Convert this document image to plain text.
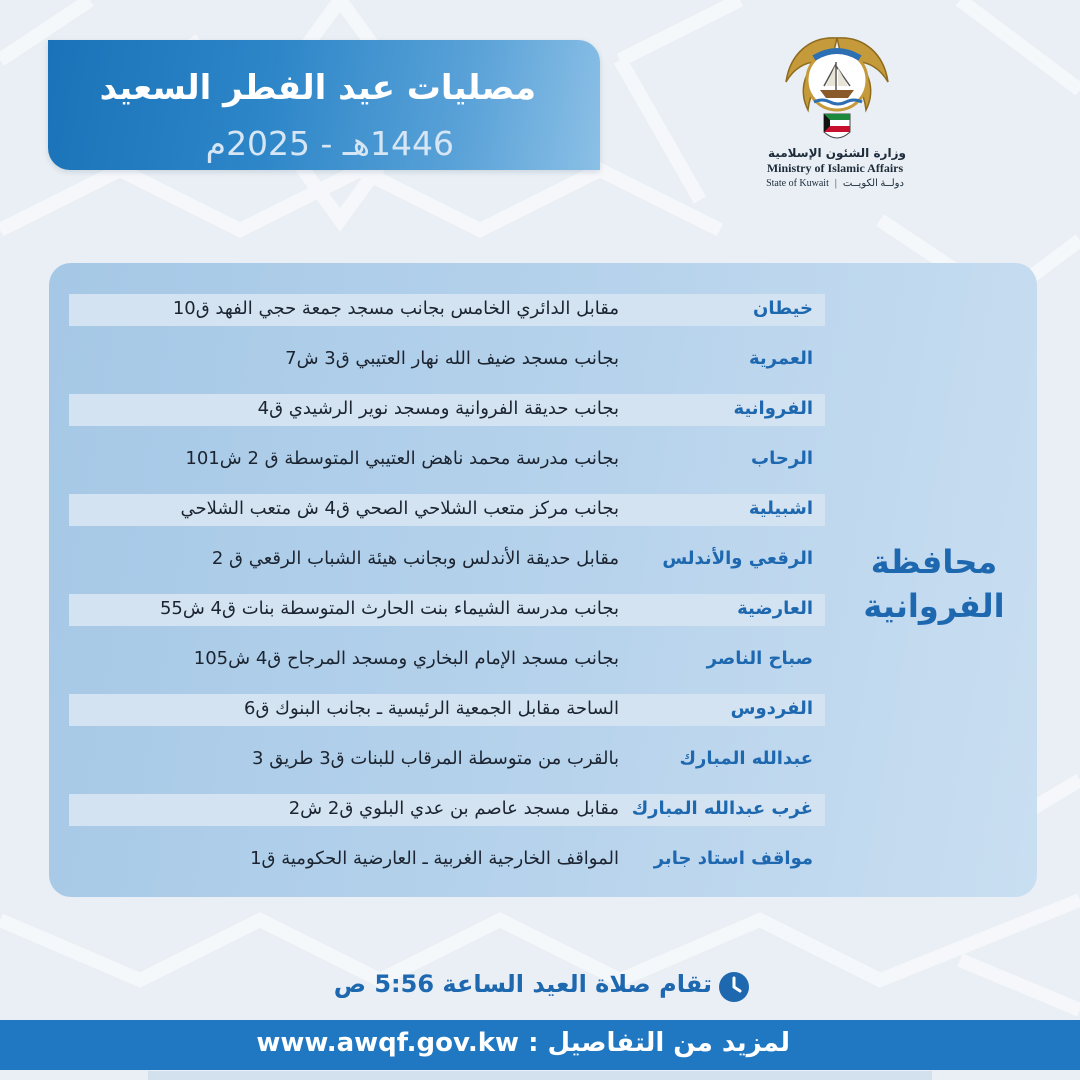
مصليات عيد الفطر السعيد

1446هـ - 2025م	وزارة الشئون الإسلامية

Ministry of Islamic Affairs

State of Kuwait | دولــة الكويــت

محافظة
الفروانية
خيطان
مقابل الدائري الخامس بجانب مسجد جمعة حجي الفهد ق10
العمرية
بجانب مسجد ضيف الله نهار العتيبي ق3 ش7
الفروانية
بجانب حديقة الفروانية ومسجد نوير الرشيدي ق4
الرحاب
بجانب مدرسة محمد ناهض العتيبي المتوسطة ق 2 ش101
اشبيلية
بجانب مركز متعب الشلاحي الصحي ق4 ش متعب الشلاحي
الرقعي والأندلس
مقابل حديقة الأندلس وبجانب هيئة الشباب الرقعي ق 2
العارضية
بجانب مدرسة الشيماء بنت الحارث المتوسطة بنات ق4 ش55
صباح الناصر
بجانب مسجد الإمام البخاري ومسجد المرجاح ق4 ش105
الفردوس
الساحة مقابل الجمعية الرئيسية ـ بجانب البنوك ق6
عبدالله المبارك
بالقرب من متوسطة المرقاب للبنات ق3 طريق 3
غرب عبدالله المبارك
مقابل مسجد عاصم بن عدي البلوي ق2 ش2
مواقف استاد جابر
المواقف الخارجية الغربية ـ العارضية الحكومية ق1

تقام صلاة العيد الساعة 5:56 ص

لمزيد من التفاصيل : www.awqf.gov.kw
